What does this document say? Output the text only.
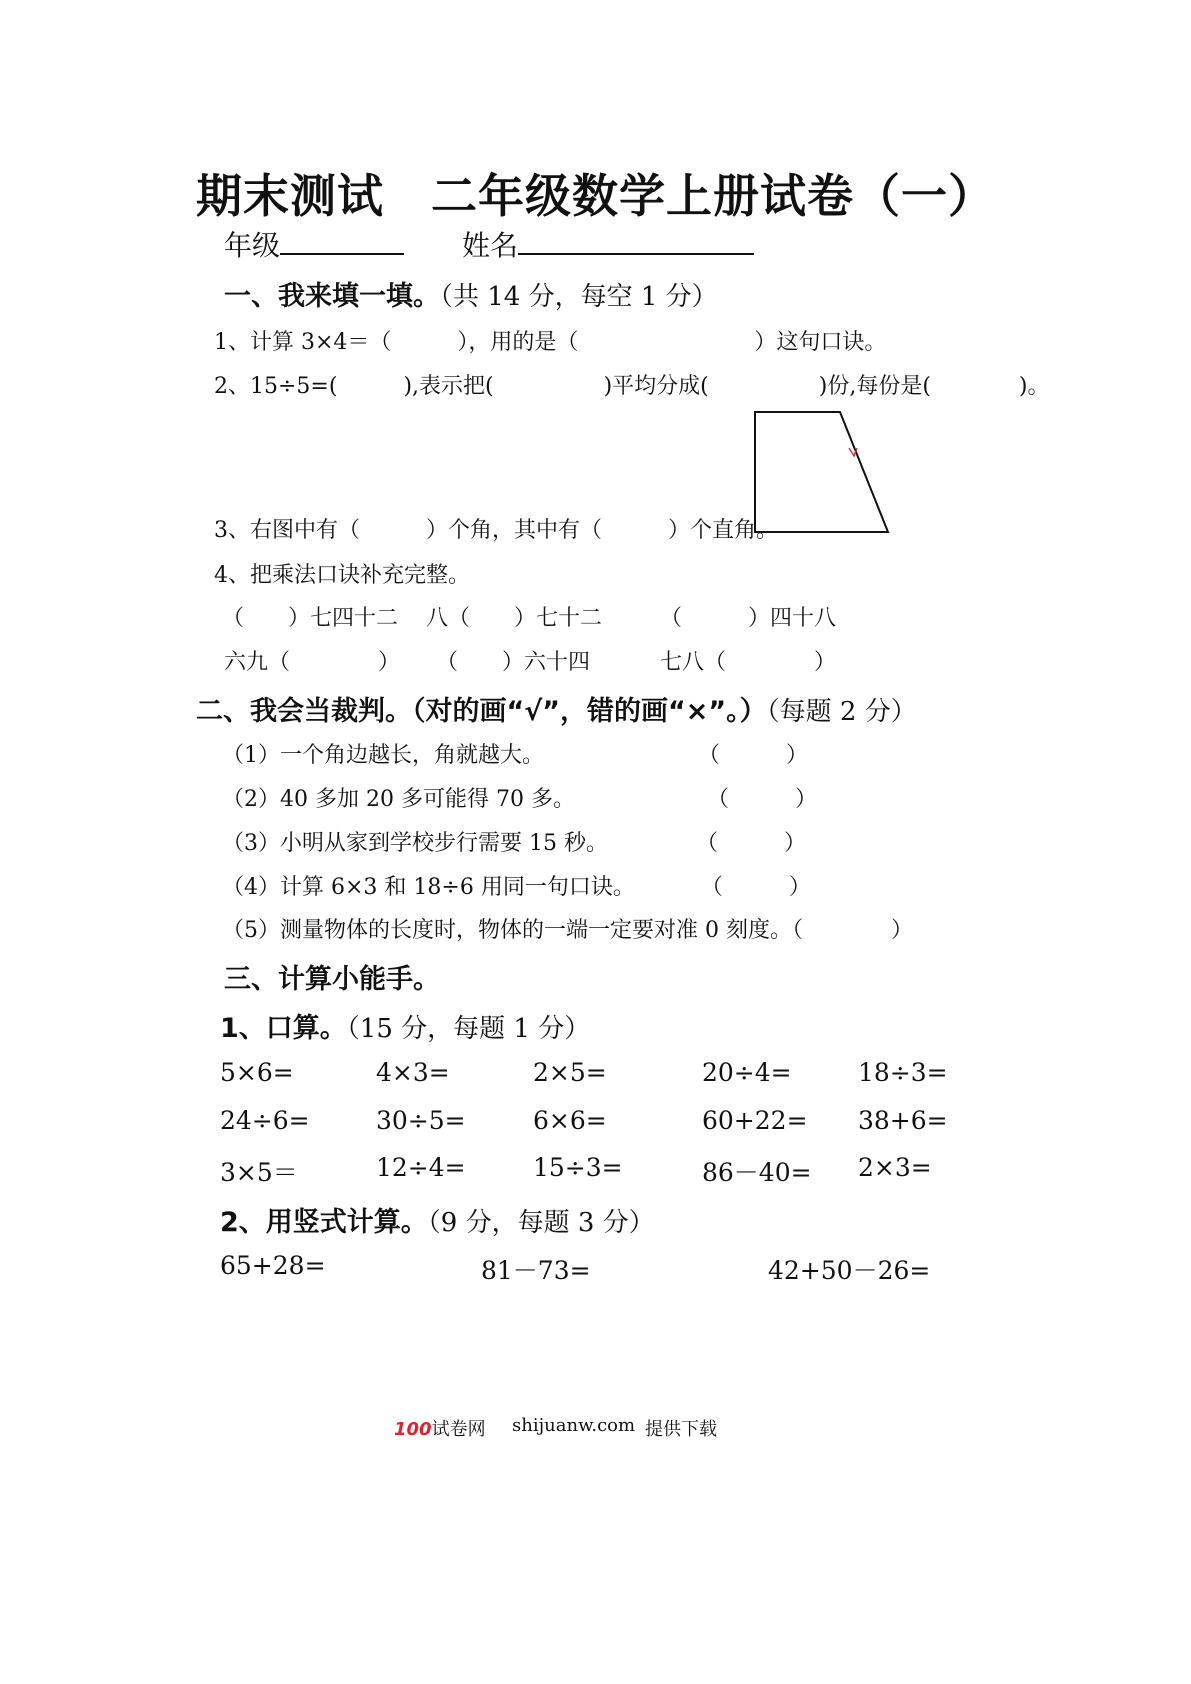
期末测试　二年级数学上册试卷（一）
年级	姓名
一、我来填一填。（共 14 分，每空 1 分）
1、计算 3×4＝（　　　），用的是（　　　　　　　　）这句口诀。
2、15÷5=(　　　),表示把(　　　　　)平均分成(　　　　　)份,每份是(　　　　)。
3、右图中有（　　　）个角，其中有（　　　）个直角。
4、把乘法口诀补充完整。
（　　）七四十二 八（　　）七十二	（　　　）四十八
六九（　　　　） （　　）六十四	七八（　　　　）
二、我会当裁判。（对的画“√”，错的画“×”。）（每题 2 分）
（1）一个角边越长，角就越大。　　　　　　　　（　　　）
（2）40 多加 20 多可能得 70 多。　　　　　　　（　　　）
（3）小明从家到学校步行需要 15 秒。　　　　　（　　　）
（4）计算 6×3 和 18÷6 用同一句口诀。　　　　（　　　）
（5）测量物体的长度时，物体的一端一定要对准 0 刻度。（　　　　）
三、计算小能手。
1、口算。（15 分，每题 1 分）
5×6=	4×3=	2×5=	20÷4=	18÷3=
24÷6=	30÷5=	6×6=	60+22= 38+6=
3×5＝	12÷4=	15÷3=	86－40= 2×3=
2、用竖式计算。（9 分，每题 3 分）
65+28=	81－73=	42+50－26=
100试卷网 shijuanw.com 提供下载
